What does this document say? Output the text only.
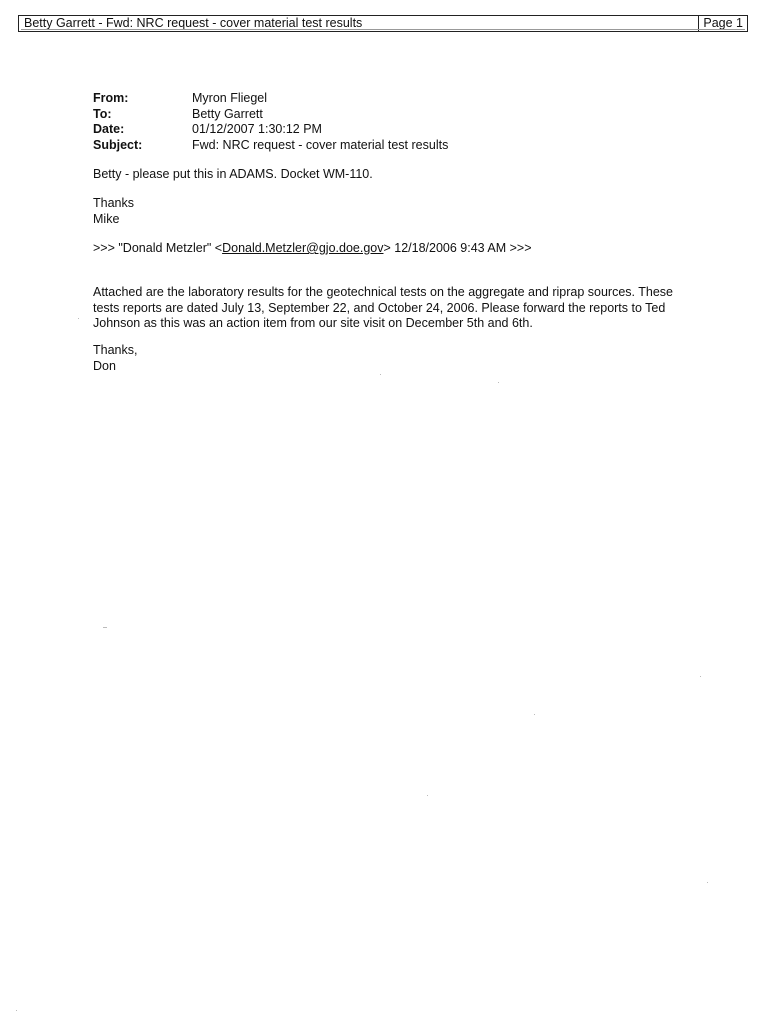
Betty Garrett - Fwd: NRC request - cover material test results	Page 1
From:	Myron Fliegel
To:	Betty Garrett
Date:	01/12/2007 1:30:12 PM
Subject:	Fwd: NRC request - cover material test results
Betty - please put this in ADAMS. Docket WM-110.
Thanks
Mike
>>> "Donald Metzler" <Donald.Metzler@gjo.doe.gov> 12/18/2006 9:43 AM >>>
Attached are the laboratory results for the geotechnical tests on the aggregate and riprap sources. These
tests reports are dated July 13, September 22, and October 24, 2006. Please forward the reports to Ted
Johnson as this was an action item from our site visit on December 5th and 6th.
Thanks,
Don
